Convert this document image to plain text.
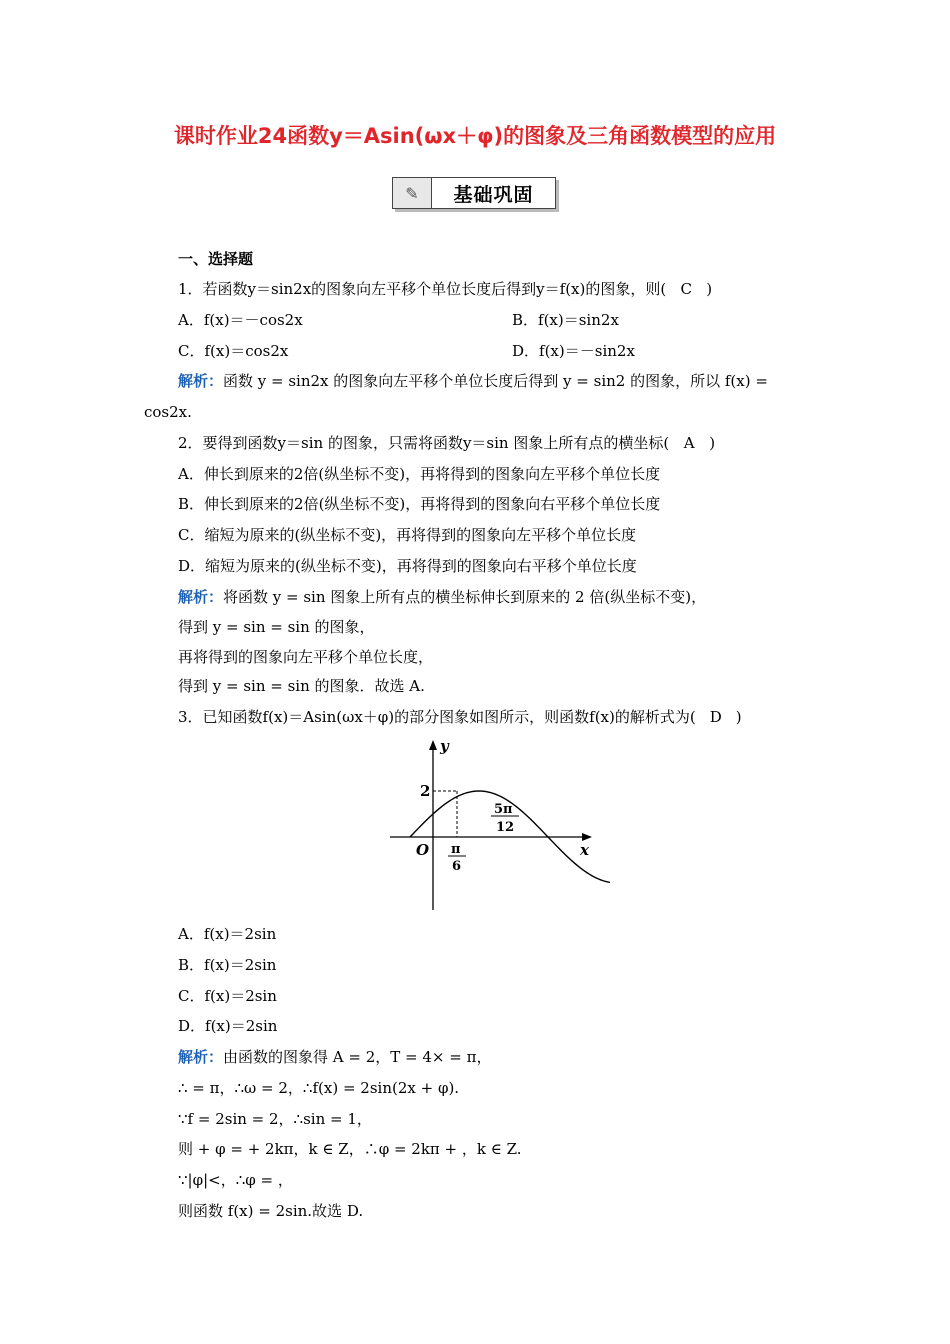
课时作业24函数y＝Asin(ωx＋φ)的图象及三角函数模型的应用
✎	基础巩固
一、选择题
1．若函数y＝sin2x的图象向左平移个单位长度后得到y＝f(x)的图象，则( C )
A．f(x)＝－cos2x	B．f(x)＝sin2x
C．f(x)＝cos2x	D．f(x)＝－sin2x
解析：函数 y = sin2x 的图象向左平移个单位长度后得到 y = sin2 的图象，所以 f(x) =
cos2x.
2．要得到函数y＝sin 的图象，只需将函数y＝sin 图象上所有点的横坐标( A )
A．伸长到原来的2倍(纵坐标不变)，再将得到的图象向左平移个单位长度
B．伸长到原来的2倍(纵坐标不变)，再将得到的图象向右平移个单位长度
C．缩短为原来的(纵坐标不变)，再将得到的图象向左平移个单位长度
D．缩短为原来的(纵坐标不变)，再将得到的图象向右平移个单位长度
解析：将函数 y = sin 图象上所有点的横坐标伸长到原来的 2 倍(纵坐标不变)，
得到 y = sin = sin 的图象，
再将得到的图象向左平移个单位长度，
得到 y = sin = sin 的图象．故选 A.
3．已知函数f(x)＝Asin(ωx＋φ)的部分图象如图所示，则函数f(x)的解析式为( D )
y
x
O
2
π
6
5π
12
A．f(x)＝2sin
B．f(x)＝2sin
C．f(x)＝2sin
D．f(x)＝2sin
解析：由函数的图象得 A = 2，T = 4× = π，
∴ = π，∴ω = 2，∴f(x) = 2sin(2x + φ).
∵f = 2sin = 2，∴sin = 1，
则 + φ = + 2kπ，k ∈ Z，∴φ = 2kπ + ，k ∈ Z.
∵|φ|<，∴φ = ，
则函数 f(x) = 2sin.故选 D.
